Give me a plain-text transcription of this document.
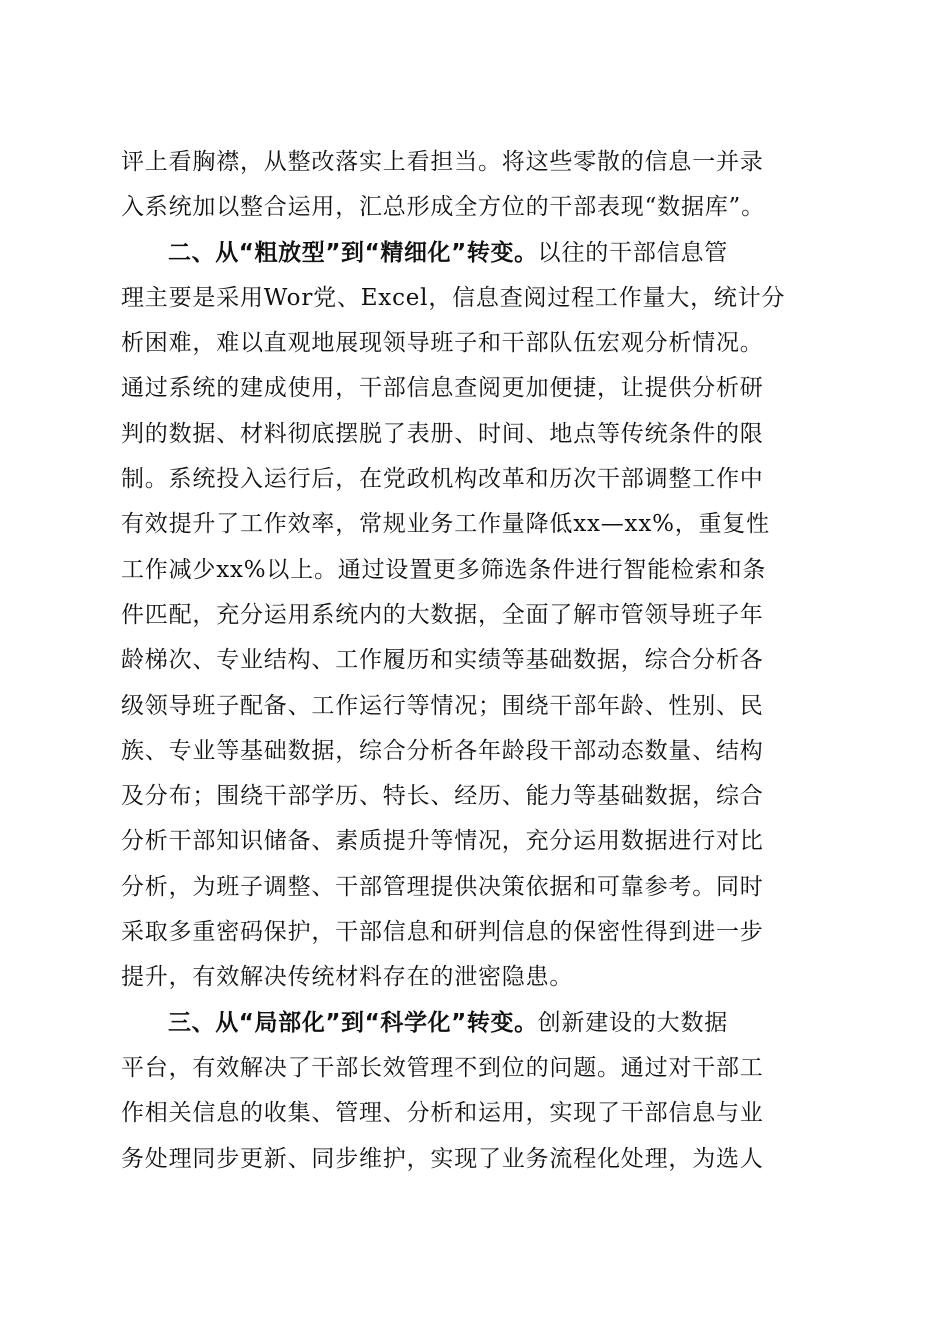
评上看胸襟，从整改落实上看担当。将这些零散的信息一并录
入系统加以整合运用，汇总形成全方位的干部表现“数据库”。
二、从“粗放型”到“精细化”转变。以往的干部信息管
理主要是采用Wor党、Excel，信息查阅过程工作量大，统计分
析困难，难以直观地展现领导班子和干部队伍宏观分析情况。
通过系统的建成使用，干部信息查阅更加便捷，让提供分析研
判的数据、材料彻底摆脱了表册、时间、地点等传统条件的限
制。系统投入运行后，在党政机构改革和历次干部调整工作中
有效提升了工作效率，常规业务工作量降低xx—xx%，重复性
工作减少xx%以上。通过设置更多筛选条件进行智能检索和条
件匹配，充分运用系统内的大数据，全面了解市管领导班子年
龄梯次、专业结构、工作履历和实绩等基础数据，综合分析各
级领导班子配备、工作运行等情况；围绕干部年龄、性别、民
族、专业等基础数据，综合分析各年龄段干部动态数量、结构
及分布；围绕干部学历、特长、经历、能力等基础数据，综合
分析干部知识储备、素质提升等情况，充分运用数据进行对比
分析，为班子调整、干部管理提供决策依据和可靠参考。同时
采取多重密码保护，干部信息和研判信息的保密性得到进一步
提升，有效解决传统材料存在的泄密隐患。
三、从“局部化”到“科学化”转变。创新建设的大数据
平台，有效解决了干部长效管理不到位的问题。通过对干部工
作相关信息的收集、管理、分析和运用，实现了干部信息与业
务处理同步更新、同步维护，实现了业务流程化处理，为选人
